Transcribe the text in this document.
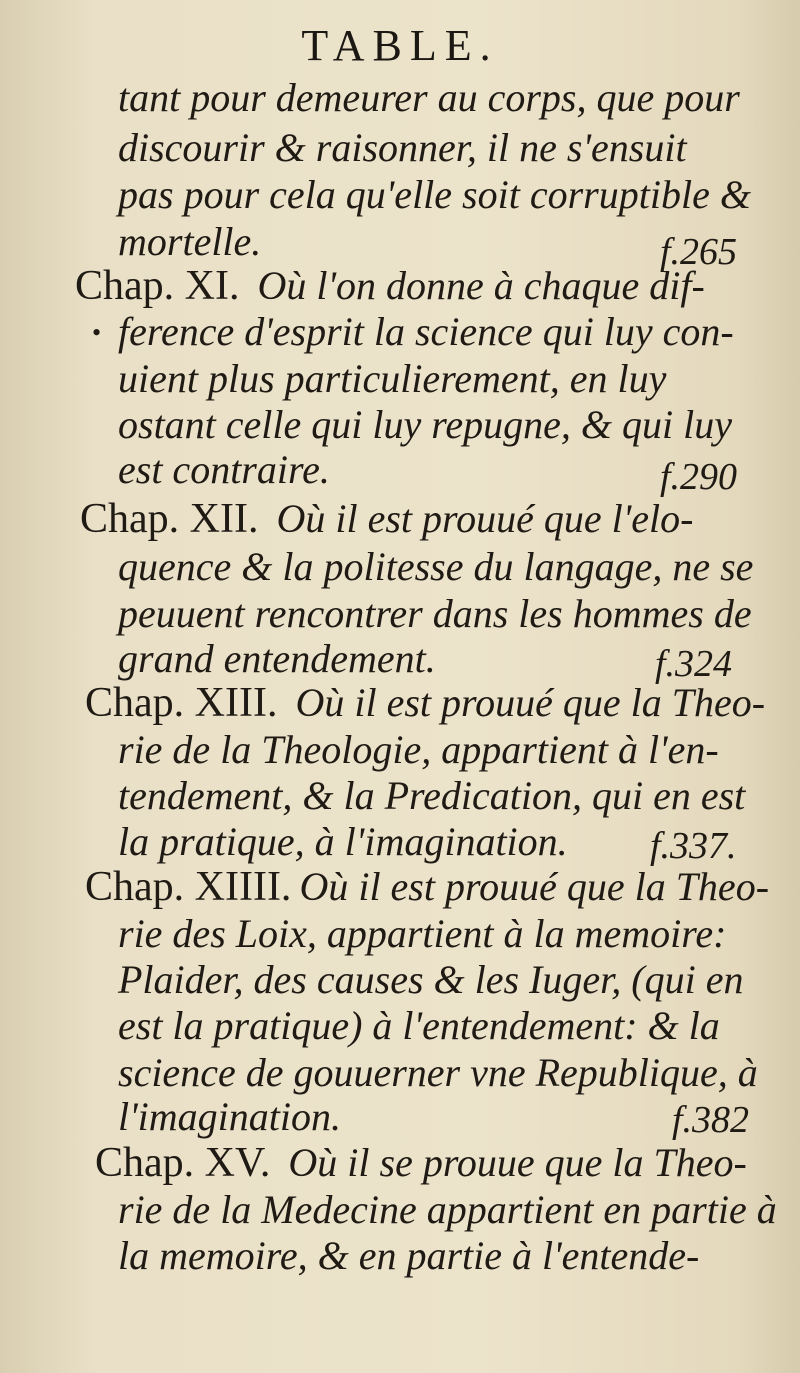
TABLE.
tant pour demeurer au corps, que pour
discourir & raisonner, il ne s'ensuit
pas pour cela qu'elle soit corruptible &
mortelle.	f.265
Chap. XI. Où l'on donne à chaque dif-
• ference d'esprit la science qui luy con-
uient plus particulierement, en luy
ostant celle qui luy repugne, & qui luy
est contraire.	f.290
Chap. XII. Où il est prouué que l'elo-
quence & la politesse du langage, ne se
peuuent rencontrer dans les hommes de
grand entendement.	f.324
Chap. XIII. Où il est prouué que la Theo-
rie de la Theologie, appartient à l'en-
tendement, & la Predication, qui en est
la pratique, à l'imagination.	f.337.
Chap. XIIII. Où il est prouué que la Theo-
rie des Loix, appartient à la memoire:
Plaider, des causes & les Iuger, (qui en
est la pratique) à l'entendement: & la
science de gouuerner vne Republique, à
l'imagination.	f.382
Chap. XV. Où il se prouue que la Theo-
rie de la Medecine appartient en partie à
la memoire, & en partie à l'entende-
